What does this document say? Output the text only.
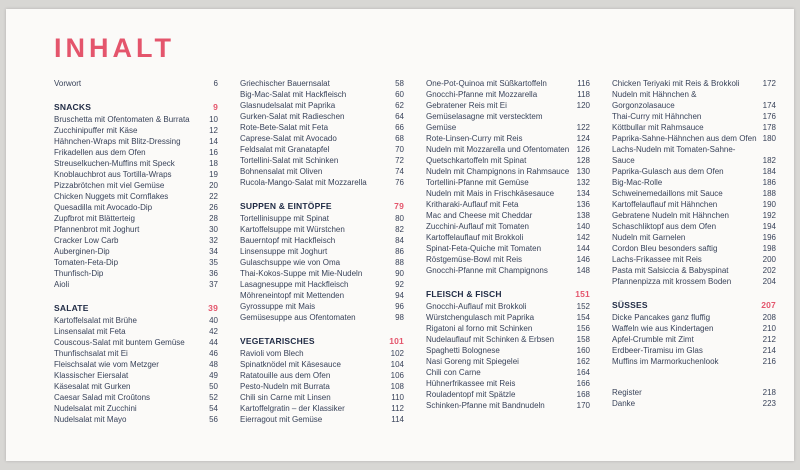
INHALT
Vorwort	6
SNACKS	9
Bruschetta mit Ofentomaten & Burrata	10
Zucchinipuffer mit Käse	12
Hähnchen-Wraps mit Blitz-Dressing	14
Frikadellen aus dem Ofen	16
Streuselkuchen-Muffins mit Speck	18
Knoblauchbrot aus Tortilla-Wraps	19
Pizzabrötchen mit viel Gemüse	20
Chicken Nuggets mit Cornflakes	22
Quesadilla mit Avocado-Dip	26
Zupfbrot mit Blätterteig	28
Pfannenbrot mit Joghurt	30
Cracker Low Carb	32
Auberginen-Dip	34
Tomaten-Feta-Dip	35
Thunfisch-Dip	36
Aioli	37
SALATE	39
Kartoffelsalat mit Brühe	40
Linsensalat mit Feta	42
Couscous-Salat mit buntem Gemüse	44
Thunfischsalat mit Ei	46
Fleischsalat wie vom Metzger	48
Klassischer Eiersalat	49
Käsesalat mit Gurken	50
Caesar Salad mit Croûtons	52
Nudelsalat mit Zucchini	54
Nudelsalat mit Mayo	56
Griechischer Bauernsalat	58
Big-Mac-Salat mit Hackfleisch	60
Glasnudelsalat mit Paprika	62
Gurken-Salat mit Radieschen	64
Rote-Bete-Salat mit Feta	66
Caprese-Salat mit Avocado	68
Feldsalat mit Granatapfel	70
Tortellini-Salat mit Schinken	72
Bohnensalat mit Oliven	74
Rucola-Mango-Salat mit Mozzarella	76
SUPPEN & EINTÖPFE	79
Tortellinisuppe mit Spinat	80
Kartoffelsuppe mit Würstchen	82
Bauerntopf mit Hackfleisch	84
Linsensuppe mit Joghurt	86
Gulaschsuppe wie von Oma	88
Thai-Kokos-Suppe mit Mie-Nudeln	90
Lasagnesuppe mit Hackfleisch	92
Möhreneintopf mit Mettenden	94
Gyrossuppe mit Mais	96
Gemüsesuppe aus Ofentomaten	98
VEGETARISCHES	101
Ravioli vom Blech	102
Spinatknödel mit Käsesauce	104
Ratatouille aus dem Ofen	106
Pesto-Nudeln mit Burrata	108
Chili sin Carne mit Linsen	110
Kartoffelgratin – der Klassiker	112
Eierragout mit Gemüse	114
One-Pot-Quinoa mit Süßkartoffeln	116
Gnocchi-Pfanne mit Mozzarella	118
Gebratener Reis mit Ei	120
Gemüselasagne mit verstecktem Gemüse	122
Rote-Linsen-Curry mit Reis	124
Nudeln mit Mozzarella und Ofentomaten 126
Quetschkartoffeln mit Spinat	128
Nudeln mit Champignons in Rahmsauce 130
Tortellini-Pfanne mit Gemüse	132
Nudeln mit Mais in Frischkäsesauce	134
Kritharaki-Auflauf mit Feta	136
Mac and Cheese mit Cheddar	138
Zucchini-Auflauf mit Tomaten	140
Kartoffelauflauf mit Brokkoli	142
Spinat-Feta-Quiche mit Tomaten	144
Röstgemüse-Bowl mit Reis	146
Gnocchi-Pfanne mit Champignons	148
FLEISCH & FISCH	151
Gnocchi-Auflauf mit Brokkoli	152
Würstchengulasch mit Paprika	154
Rigatoni al forno mit Schinken	156
Nudelauflauf mit Schinken & Erbsen	158
Spaghetti Bolognese	160
Nasi Goreng mit Spiegelei	162
Chili con Carne	164
Hühnerfrikassee mit Reis	166
Rouladentopf mit Spätzle	168
Schinken-Pfanne mit Bandnudeln	170
Chicken Teriyaki mit Reis & Brokkoli	172
Nudeln mit Hähnchen & Gorgonzolasauce	174
Thai-Curry mit Hähnchen	176
Köttbullar mit Rahmsauce	178
Paprika-Sahne-Hähnchen aus dem Ofen 180
Lachs-Nudeln mit Tomaten-Sahne-Sauce	182
Paprika-Gulasch aus dem Ofen	184
Big-Mac-Rolle	186
Schweinemedaillons mit Sauce	188
Kartoffelauflauf mit Hähnchen	190
Gebratene Nudeln mit Hähnchen	192
Schaschliktopf aus dem Ofen	194
Nudeln mit Garnelen	196
Cordon Bleu besonders saftig	198
Lachs-Frikassee mit Reis	200
Pasta mit Salsiccia & Babyspinat	202
Pfannenpizza mit krossem Boden	204
SÜSSES	207
Dicke Pancakes ganz fluffig	208
Waffeln wie aus Kindertagen	210
Apfel-Crumble mit Zimt	212
Erdbeer-Tiramisu im Glas	214
Muffins im Marmorkuchenlook	216
Register	218
Danke	223
